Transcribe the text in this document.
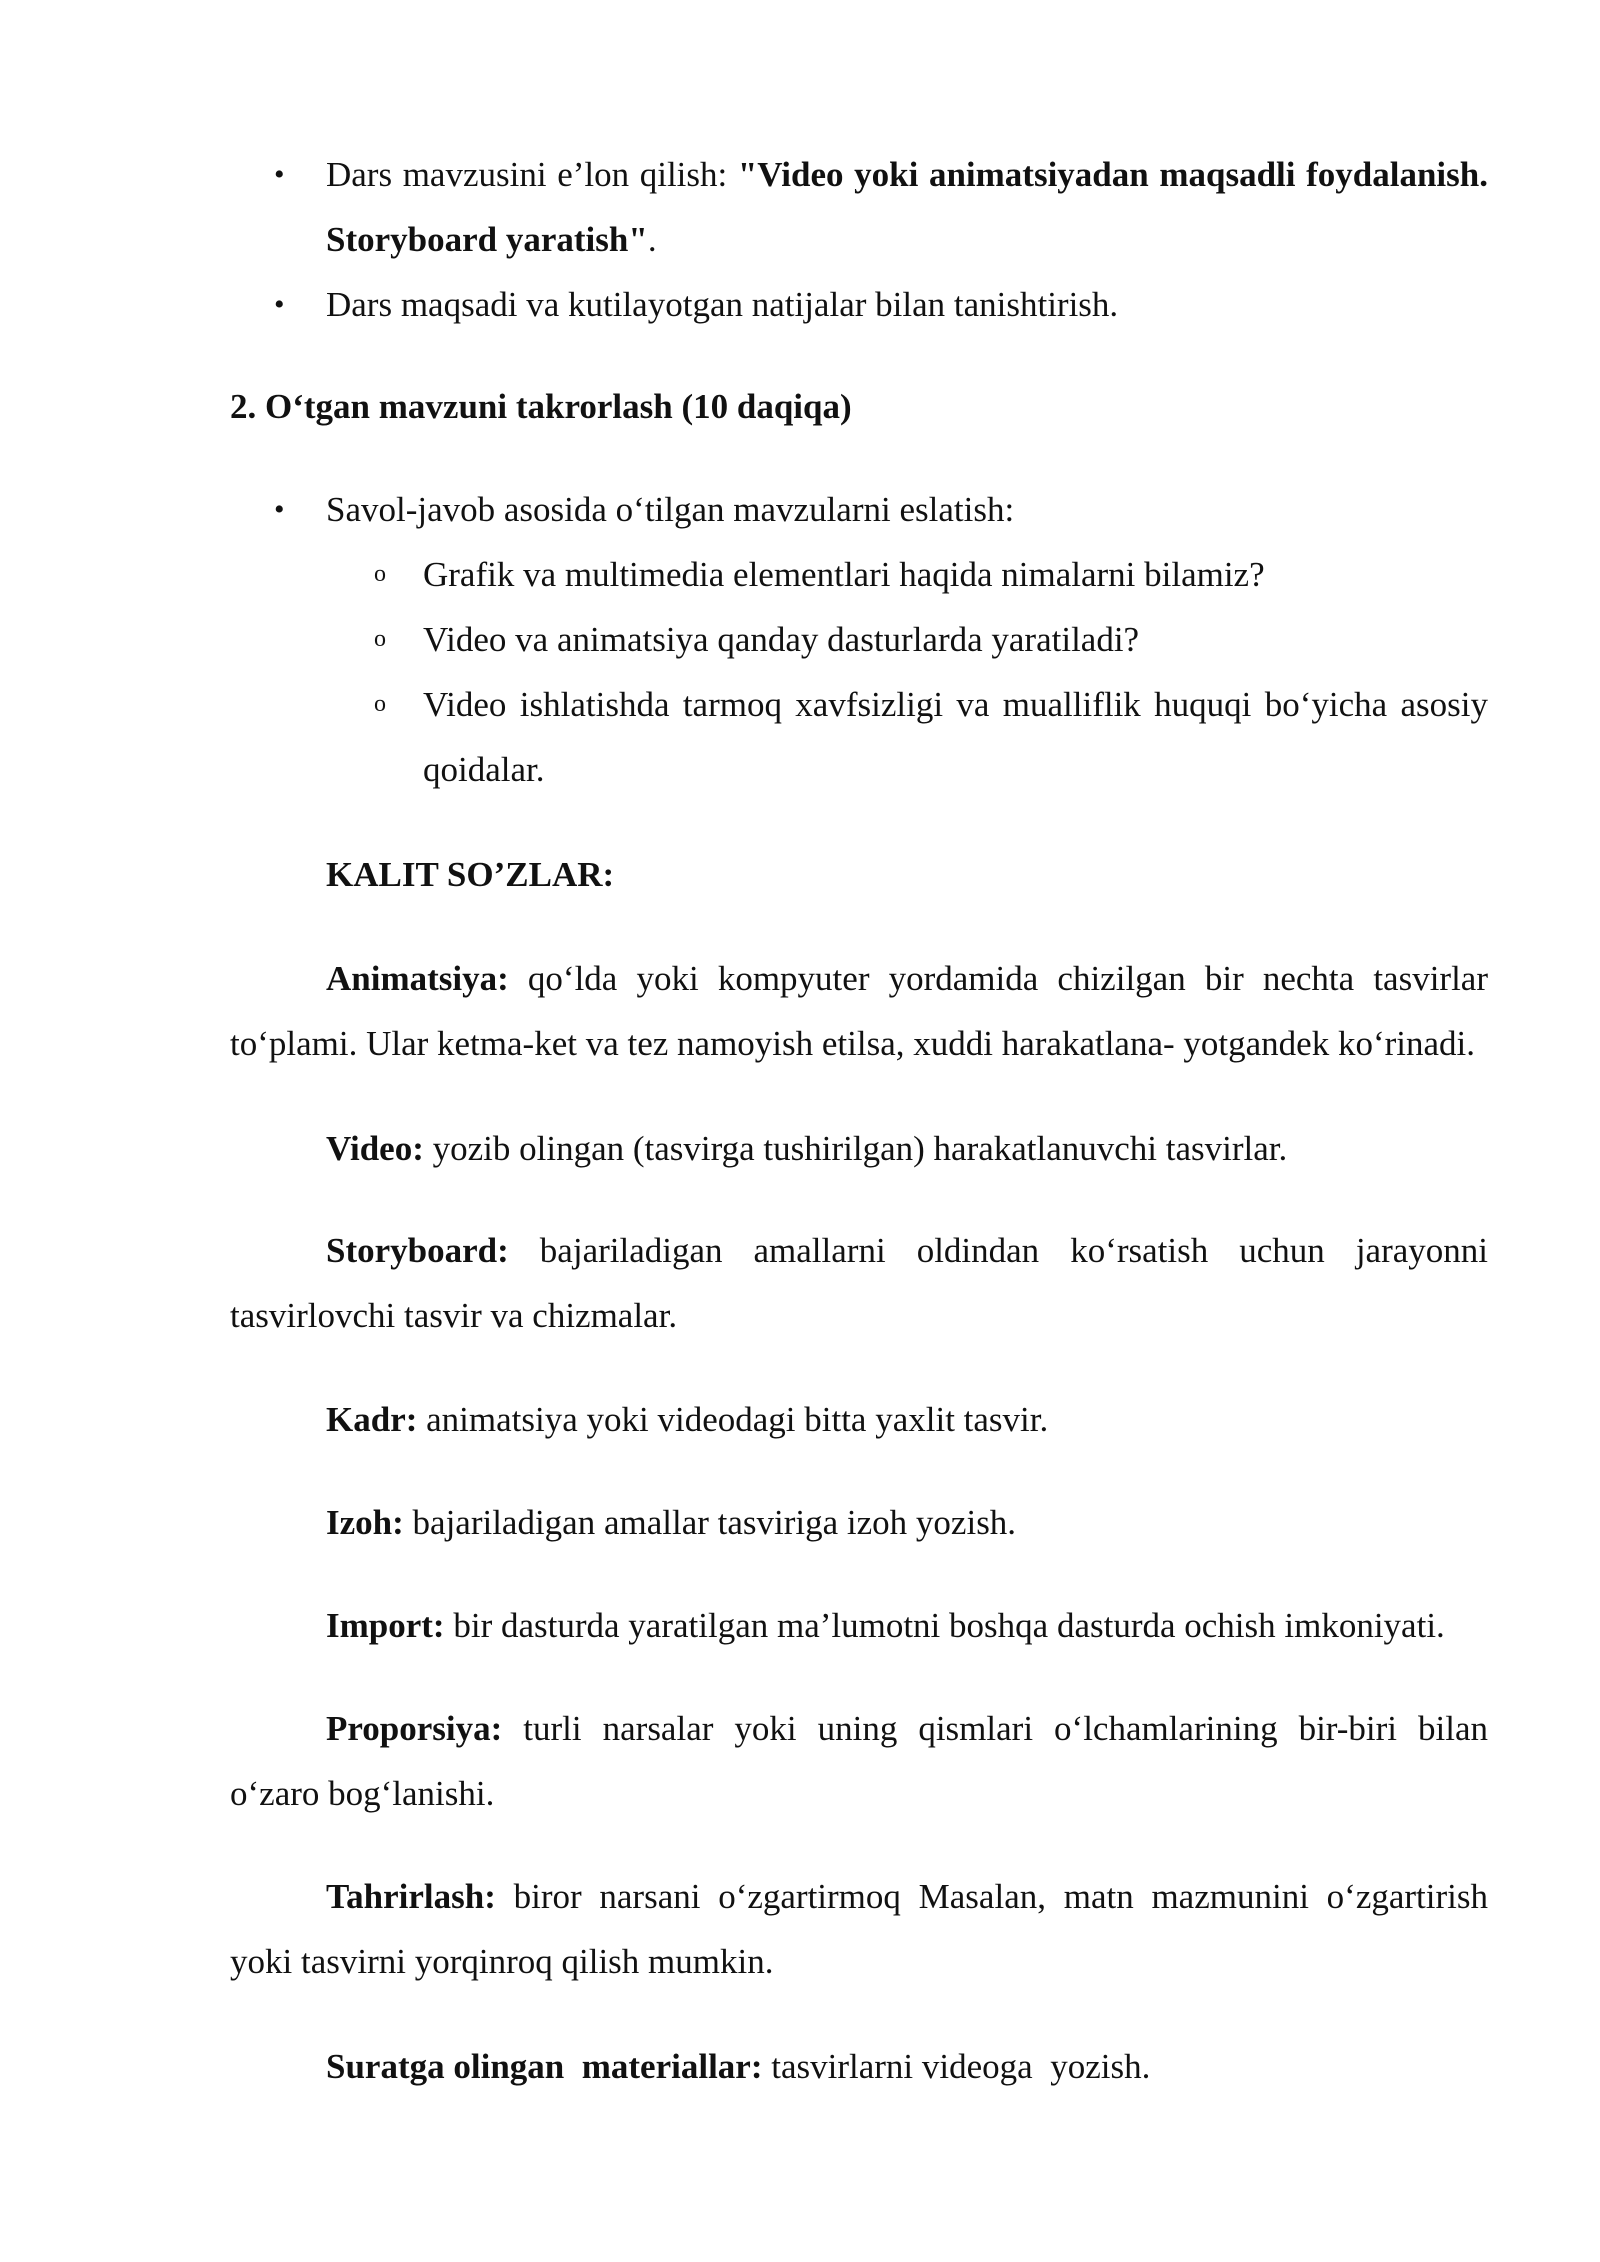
• Dars mavzusini e’lon qilish: "Video yoki animatsiyadan maqsadli foydalanish. Storyboard yaratish".
• Dars maqsadi va kutilayotgan natijalar bilan tanishtirish.
2. O‘tgan mavzuni takrorlash (10 daqiqa)
• Savol-javob asosida o‘tilgan mavzularni eslatish:
o Grafik va multimedia elementlari haqida nimalarni bilamiz?
o Video va animatsiya qanday dasturlarda yaratiladi?
o Video ishlatishda tarmoq xavfsizligi va mualliflik huquqi bo‘yicha asosiy qoidalar.
KALIT SO’ZLAR:
Animatsiya: qo‘lda yoki kompyuter yordamida chizilgan bir nechta tasvirlar to‘plami. Ular ketma-ket va tez namoyish etilsa, xuddi harakatlana- yotgandek ko‘rinadi.
Video: yozib olingan (tasvirga tushirilgan) harakatlanuvchi tasvirlar.
Storyboard: bajariladigan amallarni oldindan ko‘rsatish uchun jarayonni tasvirlovchi tasvir va chizmalar.
Kadr: animatsiya yoki videodagi bitta yaxlit tasvir.
Izoh: bajariladigan amallar tasviriga izoh yozish.
Import: bir dasturda yaratilgan ma’lumotni boshqa dasturda ochish imkoniyati.
Proporsiya: turli narsalar yoki uning qismlari o‘lchamlarining bir-biri bilan o‘zaro bog‘lanishi.
Tahrirlash: biror narsani o‘zgartirmoq Masalan, matn mazmunini o‘zgartirish yoki tasvirni yorqinroq qilish mumkin.
Suratga olingan  materiallar: tasvirlarni videoga  yozish.
